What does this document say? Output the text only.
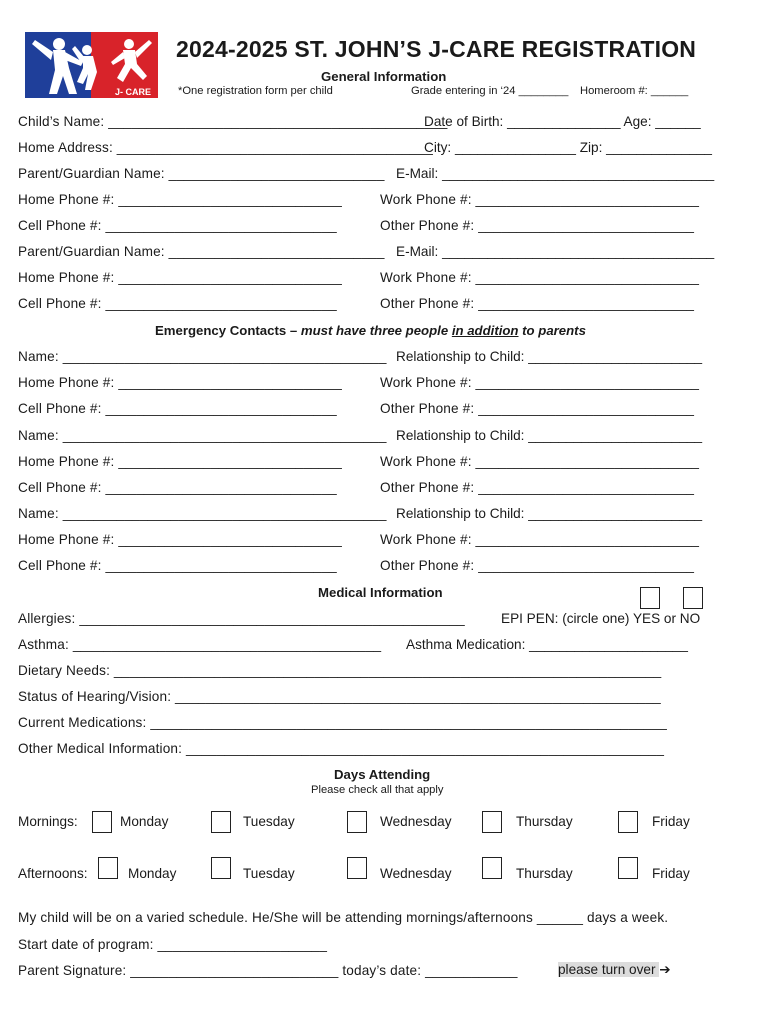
J- CARE
2024-2025 ST. JOHN’S J-CARE REGISTRATION
General Information
*One registration form per child	Grade entering in ‘24 ________ Homeroom #: ______
Child’s Name: ____________________________________________
Date of Birth: _______________ Age: ______
Home Address: _________________________________________
City: ________________ Zip: ______________
Parent/Guardian Name: ____________________________ E-Mail: ____________________________________
Home Phone #: _____________________________	Work Phone #: _____________________________
Cell Phone #: ______________________________	Other Phone #: ____________________________
Parent/Guardian Name: ____________________________ E-Mail: ____________________________________
Home Phone #: _____________________________	Work Phone #: _____________________________
Cell Phone #: ______________________________	Other Phone #: ____________________________
Emergency Contacts – must have three people in addition to parents
Name: __________________________________________ Relationship to Child: _______________________
Home Phone #: _____________________________	Work Phone #: _____________________________
Cell Phone #: ______________________________	Other Phone #: ____________________________
Name: __________________________________________ Relationship to Child: _______________________
Home Phone #: _____________________________	Work Phone #: _____________________________
Cell Phone #: ______________________________	Other Phone #: ____________________________
Name: __________________________________________ Relationship to Child: _______________________
Home Phone #: _____________________________	Work Phone #: _____________________________
Cell Phone #: ______________________________	Other Phone #: ____________________________
Medical Information
Allergies: __________________________________________________	EPI PEN: (circle one) YES or NO
Asthma: ________________________________________ Asthma Medication: _____________________
Dietary Needs: _______________________________________________________________________
Status of Hearing/Vision: _______________________________________________________________
Current Medications: ___________________________________________________________________
Other Medical Information: ______________________________________________________________
Days Attending
Please check all that apply
Mornings:	Monday	Tuesday	Wednesday	Thursday	Friday
Afternoons:	Monday	Tuesday	Wednesday	Thursday	Friday
My child will be on a varied schedule. He/She will be attending mornings/afternoons ______ days a week.
Start date of program: ______________________
Parent Signature: ___________________________ today’s date: ____________	please turn over ➔
